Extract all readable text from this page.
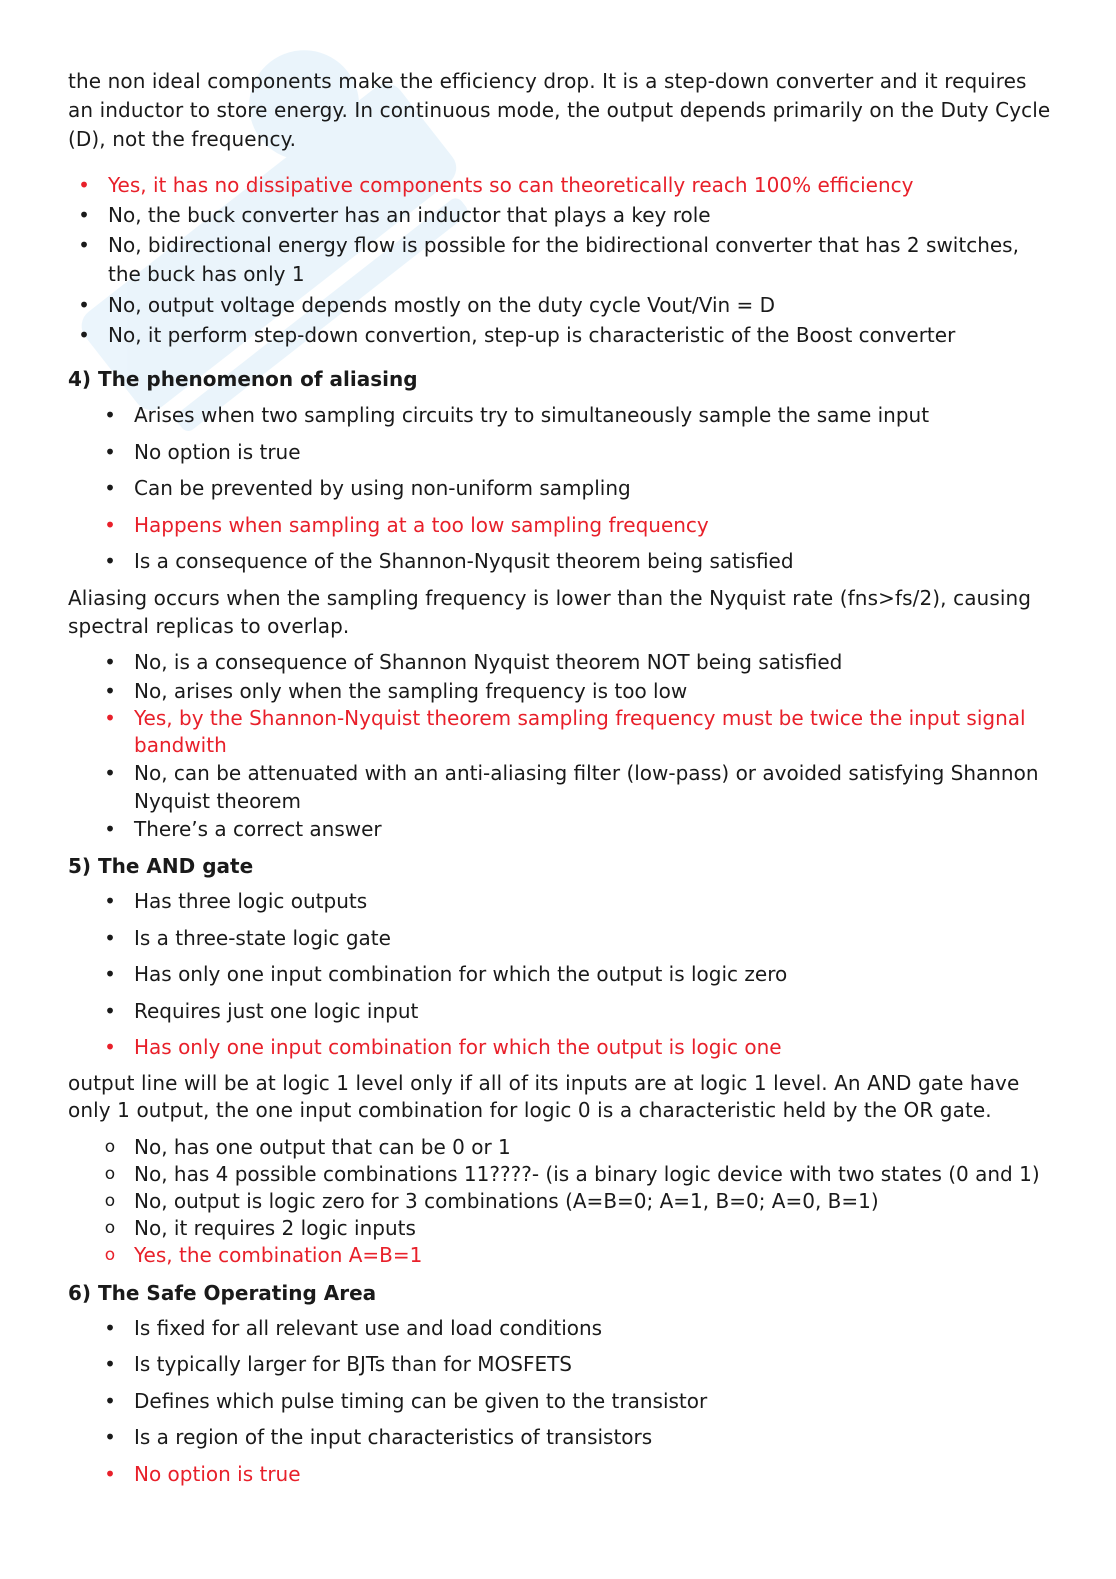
the non ideal components make the efficiency drop. It is a step-down converter and it requires an inductor to store energy. In continuous mode, the output depends primarily on the Duty Cycle (D), not the frequency.
• Yes, it has no dissipative components so can theoretically reach 100% efficiency
• No, the buck converter has an inductor that plays a key role
• No, bidirectional energy flow is possible for the bidirectional converter that has 2 switches, the buck has only 1
• No, output voltage depends mostly on the duty cycle Vout/Vin = D
• No, it perform step-down convertion, step-up is characteristic of the Boost converter
4) The phenomenon of aliasing
• Arises when two sampling circuits try to simultaneously sample the same input
• No option is true
• Can be prevented by using non-uniform sampling
• Happens when sampling at a too low sampling frequency
• Is a consequence of the Shannon-Nyqusit theorem being satisfied
Aliasing occurs when the sampling frequency is lower than the Nyquist rate (fns>fs/2), causing spectral replicas to overlap.
• No, is a consequence of Shannon Nyquist theorem NOT being satisfied
• No, arises only when the sampling frequency is too low
• Yes, by the Shannon-Nyquist theorem sampling frequency must be twice the input signal bandwith
• No, can be attenuated with an anti-aliasing filter (low-pass) or avoided satisfying Shannon Nyquist theorem
• There’s a correct answer
5) The AND gate
• Has three logic outputs
• Is a three-state logic gate
• Has only one input combination for which the output is logic zero
• Requires just one logic input
• Has only one input combination for which the output is logic one
output line will be at logic 1 level only if all of its inputs are at logic 1 level. An AND gate have only 1 output, the one input combination for logic 0 is a characteristic held by the OR gate.
o No, has one output that can be 0 or 1
o No, has 4 possible combinations 11????- (is a binary logic device with two states (0 and 1)
o No, output is logic zero for 3 combinations (A=B=0; A=1, B=0; A=0, B=1)
o No, it requires 2 logic inputs
o Yes, the combination A=B=1
6) The Safe Operating Area
• Is fixed for all relevant use and load conditions
• Is typically larger for BJTs than for MOSFETS
• Defines which pulse timing can be given to the transistor
• Is a region of the input characteristics of transistors
• No option is true
